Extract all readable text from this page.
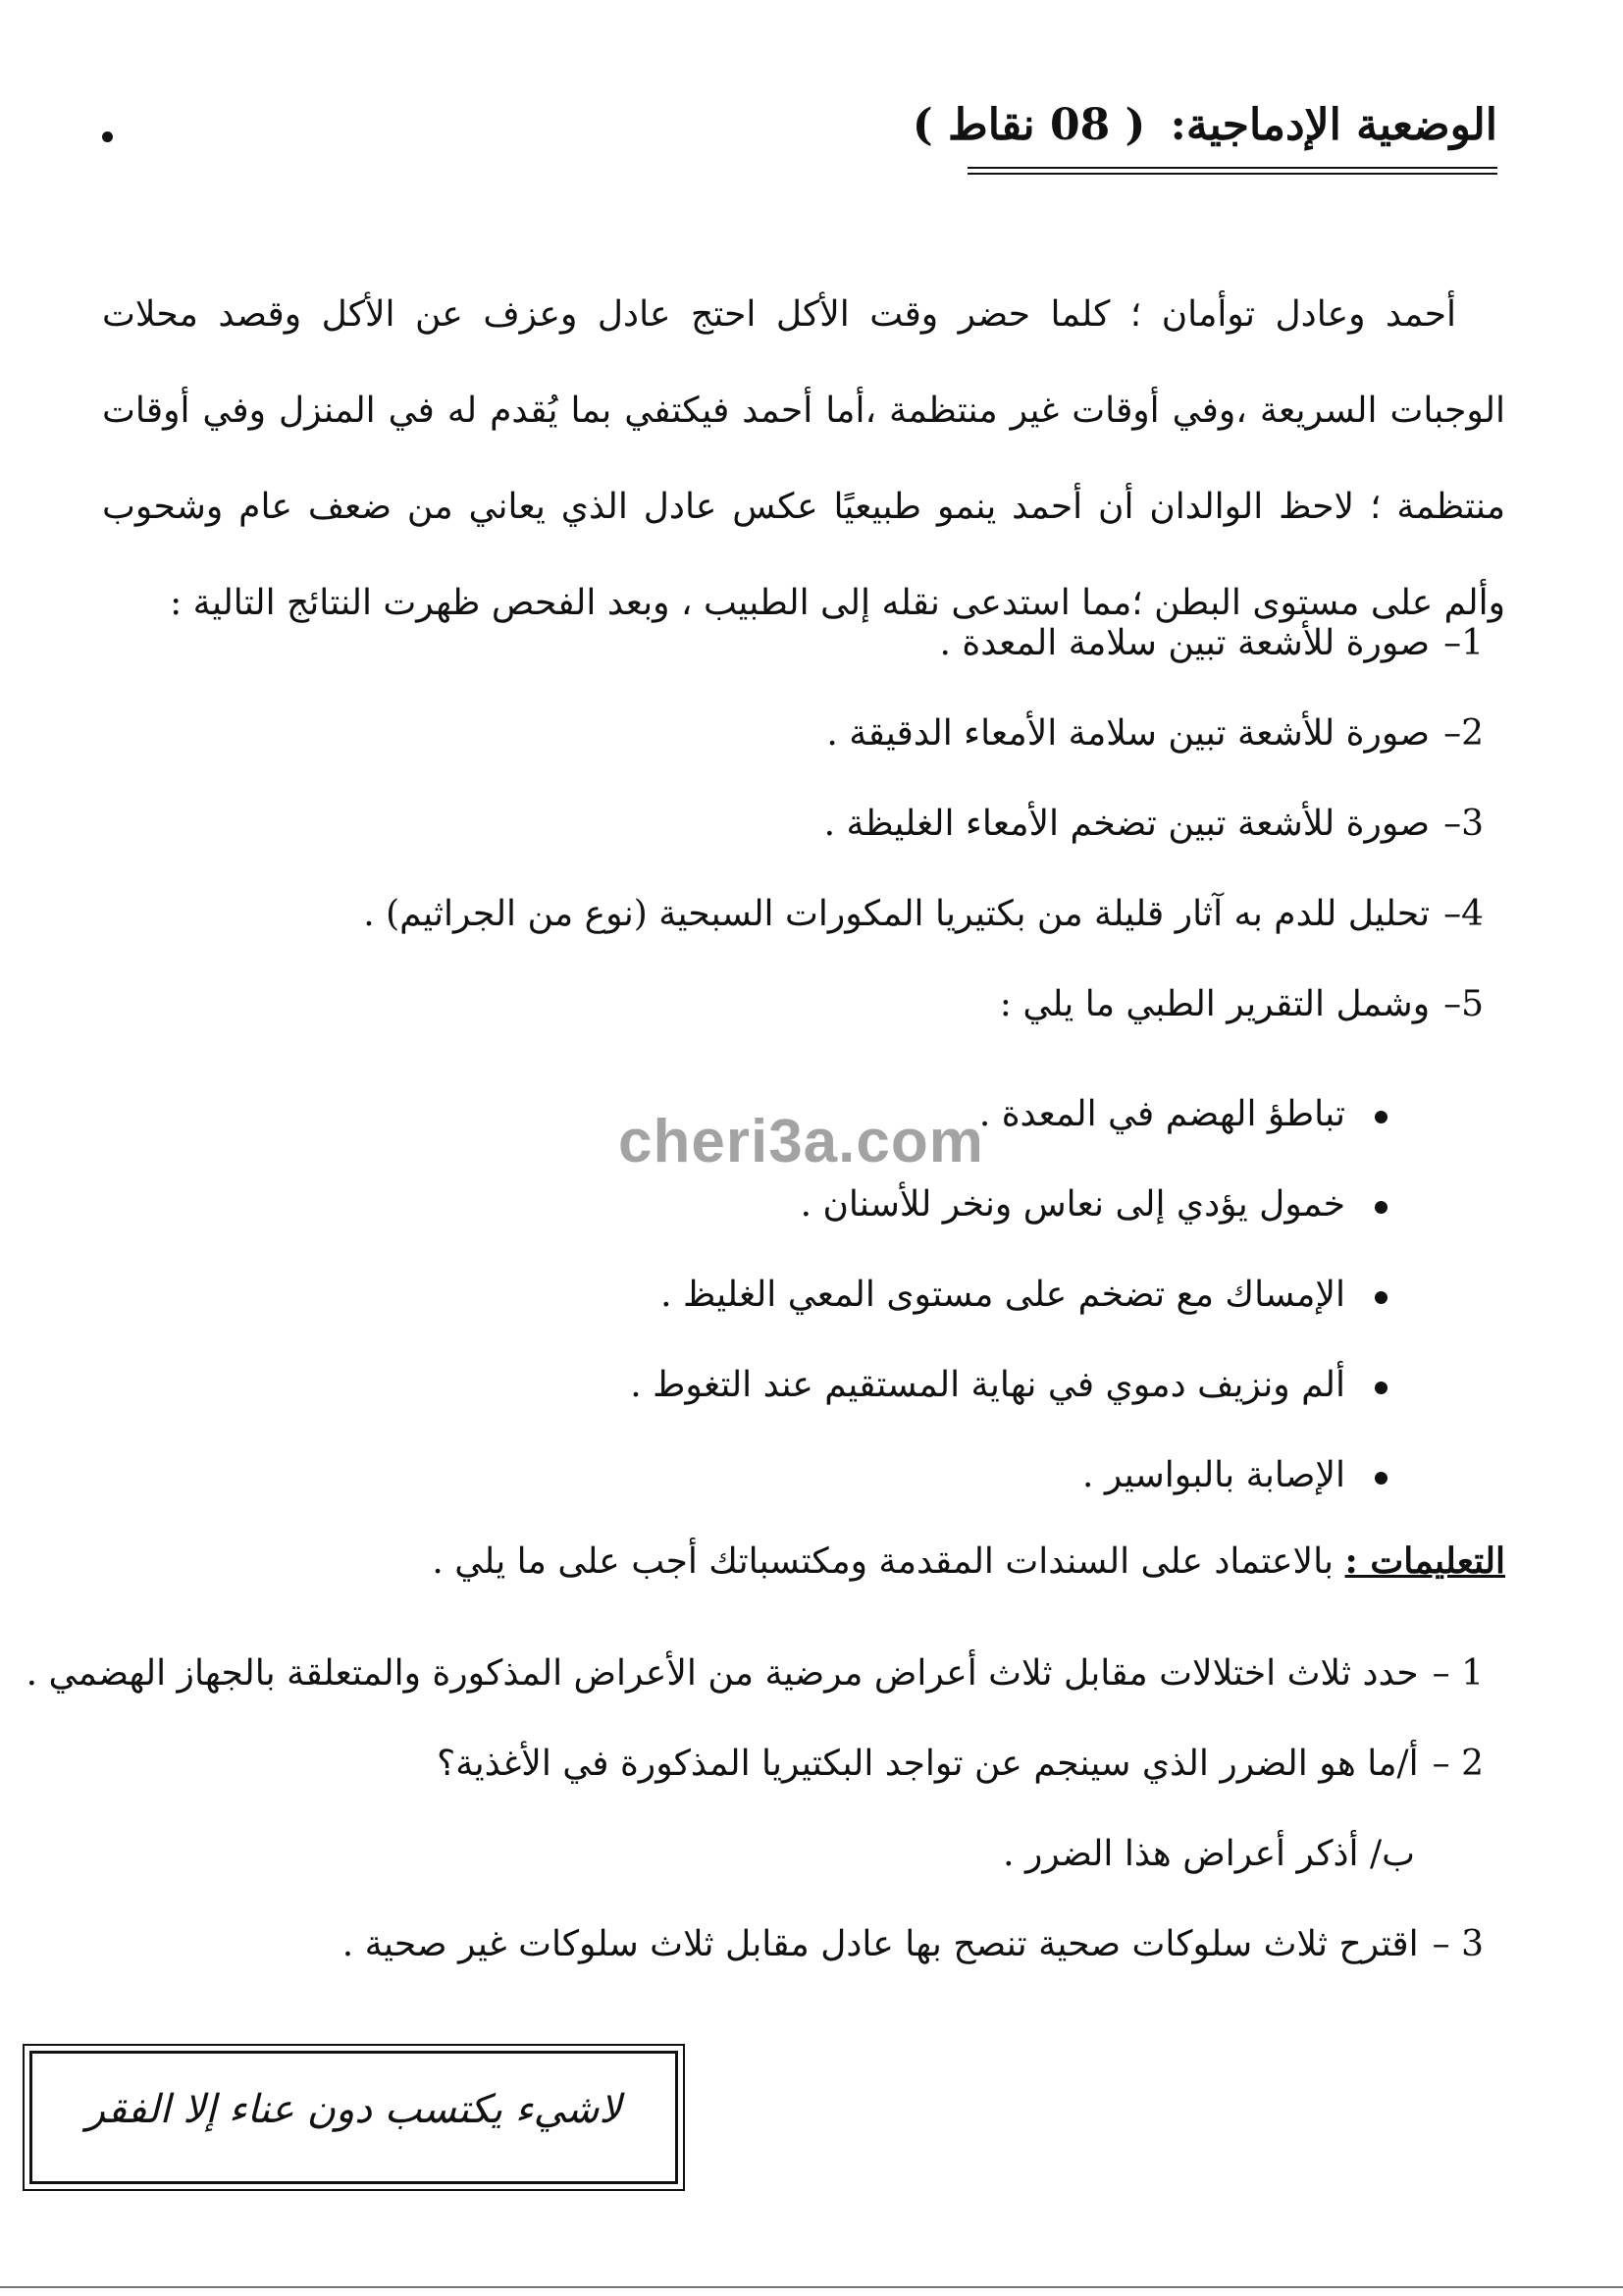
الوضعية الإدماجية: ( 08 نقاط )

أحمد وعادل توأمان ؛ كلما حضر وقت الأكل احتج عادل وعزف عن الأكل وقصد محلات الوجبات السريعة ،وفي أوقات غير منتظمة ،أما أحمد فيكتفي بما يُقدم له في المنزل وفي أوقات منتظمة ؛ لاحظ الوالدان أن أحمد ينمو طبيعيًا عكس عادل الذي يعاني من ضعف عام وشحوب وألم على مستوى البطن ؛مما استدعى نقله إلى الطبيب ، وبعد الفحص ظهرت النتائج التالية :

1–صورة للأشعة تبين سلامة المعدة .
2–صورة للأشعة تبين سلامة الأمعاء الدقيقة .
3–صورة للأشعة تبين تضخم الأمعاء الغليظة .
4–تحليل للدم به آثار قليلة من بكتيريا المكورات السبحية (نوع من الجراثيم) .
5–وشمل التقرير الطبي ما يلي :
تباطؤ الهضم في المعدة .
خمول يؤدي إلى نعاس ونخر للأسنان .
الإمساك مع تضخم على مستوى المعي الغليظ .
ألم ونزيف دموي في نهاية المستقيم عند التغوط .
الإصابة بالبواسير .
cheri3a.com
التعليمات : بالاعتماد على السندات المقدمة ومكتسباتك أجب على ما يلي .
1 –حدد ثلاث اختلالات مقابل ثلاث أعراض مرضية من الأعراض المذكورة والمتعلقة بالجهاز الهضمي .
2 –أ/ما هو الضرر الذي سينجم عن تواجد البكتيريا المذكورة في الأغذية؟
ب/ أذكر أعراض هذا الضرر .
3 –اقترح ثلاث سلوكات صحية تنصح بها عادل مقابل ثلاث سلوكات غير صحية .
لاشيء يكتسب دون عناء إلا الفقر
